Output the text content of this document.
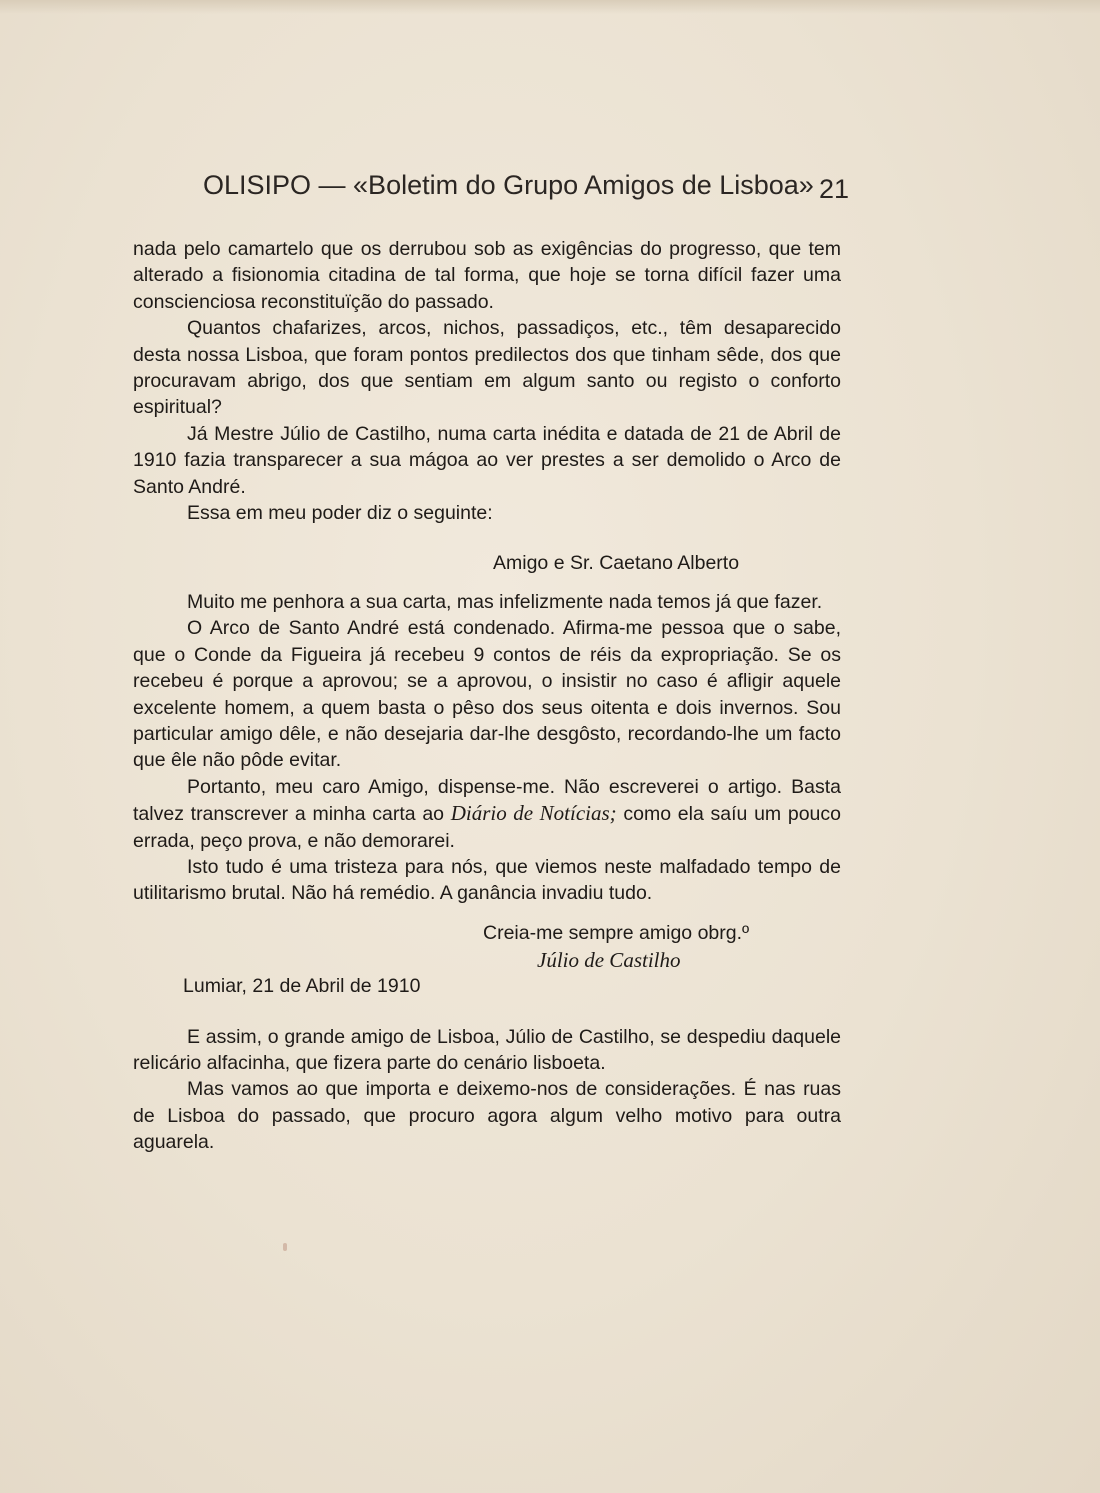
OLISIPO — «Boletim do Grupo Amigos de Lisboa» 21

nada pelo camartelo que os derrubou sob as exigências do progresso, que tem alterado a fisionomia citadina de tal forma, que hoje se torna difícil fazer uma conscienciosa reconstituïção do passado.

Quantos chafarizes, arcos, nichos, passadiços, etc., têm desaparecido desta nossa Lisboa, que foram pontos predilectos dos que tinham sêde, dos que procuravam abrigo, dos que sentiam em algum santo ou registo o conforto espiritual?

Já Mestre Júlio de Castilho, numa carta inédita e datada de 21 de Abril de 1910 fazia transparecer a sua mágoa ao ver prestes a ser demolido o Arco de Santo André.

Essa em meu poder diz o seguinte:

Amigo e Sr. Caetano Alberto

Muito me penhora a sua carta, mas infelizmente nada temos já que fazer.

O Arco de Santo André está condenado. Afirma-me pessoa que o sabe, que o Conde da Figueira já recebeu 9 contos de réis da expropriação. Se os recebeu é porque a aprovou; se a aprovou, o insistir no caso é afligir aquele excelente homem, a quem basta o pêso dos seus oitenta e dois invernos. Sou particular amigo dêle, e não desejaria dar-lhe desgôsto, recordando-lhe um facto que êle não pôde evitar.

Portanto, meu caro Amigo, dispense-me. Não escreverei o artigo. Basta talvez transcrever a minha carta ao Diário de Notícias; como ela saíu um pouco errada, peço prova, e não demorarei.

Isto tudo é uma tristeza para nós, que viemos neste malfadado tempo de utilitarismo brutal. Não há remédio. A ganância invadiu tudo.

Creia-me sempre amigo obrg.º

Júlio de Castilho

Lumiar, 21 de Abril de 1910

E assim, o grande amigo de Lisboa, Júlio de Castilho, se despediu daquele relicário alfacinha, que fizera parte do cenário lisboeta.

Mas vamos ao que importa e deixemo-nos de considerações. É nas ruas de Lisboa do passado, que procuro agora algum velho motivo para outra aguarela.
